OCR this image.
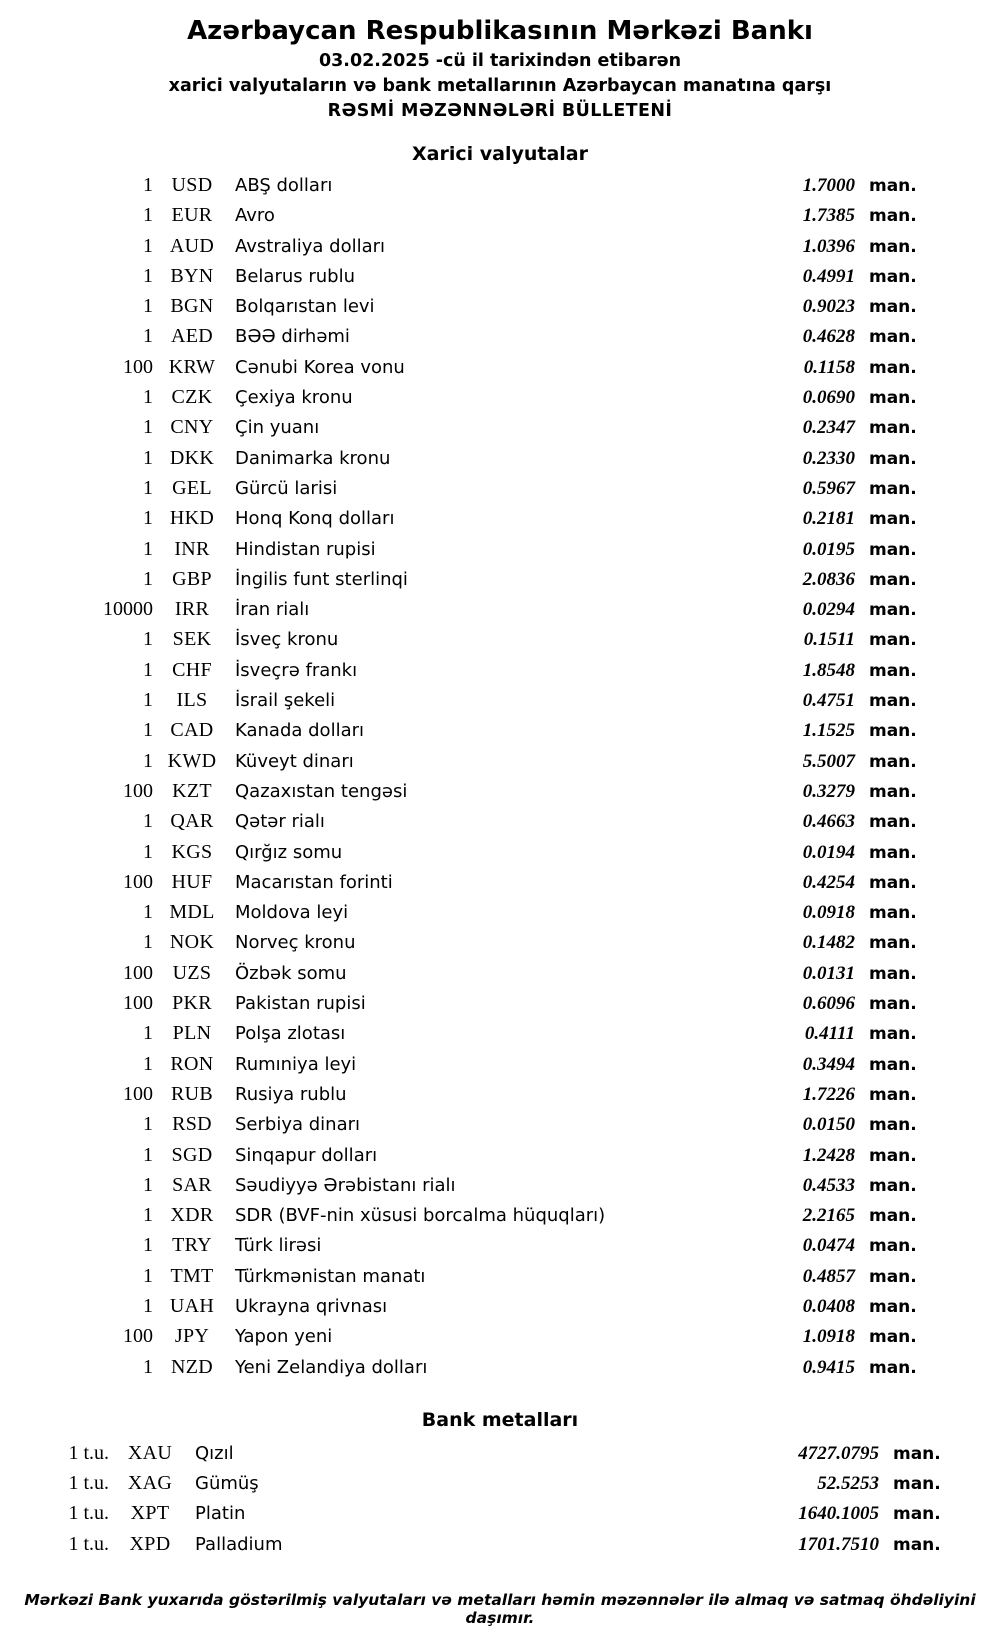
Azərbaycan Respublikasının Mərkəzi Bankı
03.02.2025 -cü il tarixindən etibarən
xarici valyutaların və bank metallarının Azərbaycan manatına qarşı
RƏSMİ MƏZƏNNƏLƏRİ BÜLLETENİ
Xarici valyutalar
1	USD	ABŞ dolları	1.7000	man.
1	EUR	Avro	1.7385	man.
1	AUD	Avstraliya dolları	1.0396	man.
1	BYN	Belarus rublu	0.4991	man.
1	BGN	Bolqarıstan levi	0.9023	man.
1	AED	BƏƏ dirhəmi	0.4628	man.
100	KRW	Cənubi Korea vonu	0.1158	man.
1	CZK	Çexiya kronu	0.0690	man.
1	CNY	Çin yuanı	0.2347	man.
1	DKK	Danimarka kronu	0.2330	man.
1	GEL	Gürcü larisi	0.5967	man.
1	HKD	Honq Konq dolları	0.2181	man.
1	INR	Hindistan rupisi	0.0195	man.
1	GBP	İngilis funt sterlinqi	2.0836	man.
10000	IRR	İran rialı	0.0294	man.
1	SEK	İsveç kronu	0.1511	man.
1	CHF	İsveçrə frankı	1.8548	man.
1	ILS	İsrail şekeli	0.4751	man.
1	CAD	Kanada dolları	1.1525	man.
1	KWD	Küveyt dinarı	5.5007	man.
100	KZT	Qazaxıstan tengəsi	0.3279	man.
1	QAR	Qətər rialı	0.4663	man.
1	KGS	Qırğız somu	0.0194	man.
100	HUF	Macarıstan forinti	0.4254	man.
1	MDL	Moldova leyi	0.0918	man.
1	NOK	Norveç kronu	0.1482	man.
100	UZS	Özbək somu	0.0131	man.
100	PKR	Pakistan rupisi	0.6096	man.
1	PLN	Polşa zlotası	0.4111	man.
1	RON	Rumıniya leyi	0.3494	man.
100	RUB	Rusiya rublu	1.7226	man.
1	RSD	Serbiya dinarı	0.0150	man.
1	SGD	Sinqapur dolları	1.2428	man.
1	SAR	Səudiyyə Ərəbistanı rialı	0.4533	man.
1	XDR	SDR (BVF-nin xüsusi borcalma hüquqları)	2.2165	man.
1	TRY	Türk lirəsi	0.0474	man.
1	TMT	Türkmənistan manatı	0.4857	man.
1	UAH	Ukrayna qrivnası	0.0408	man.
100	JPY	Yapon yeni	1.0918	man.
1	NZD	Yeni Zelandiya dolları	0.9415	man.
Bank metalları
1 t.u.	XAU	Qızıl	4727.0795	man.
1 t.u.	XAG	Gümüş	52.5253	man.
1 t.u.	XPT	Platin	1640.1005	man.
1 t.u.	XPD	Palladium	1701.7510	man.
Mərkəzi Bank yuxarıda göstərilmiş valyutaları və metalları həmin məzənnələr ilə almaq və satmaq öhdəliyini daşımır.
